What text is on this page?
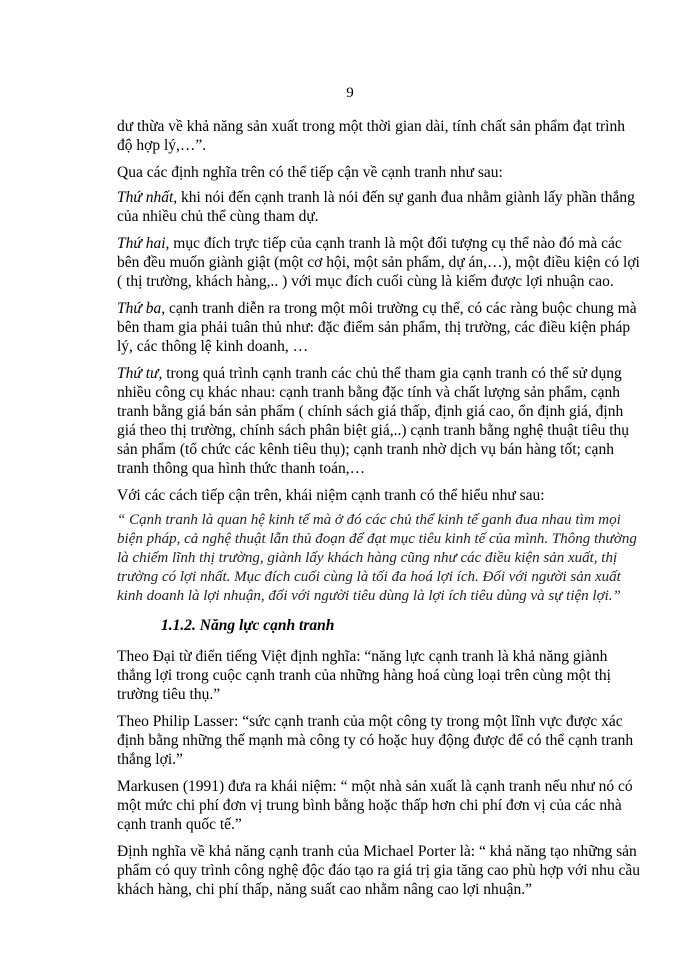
9

dư thừa về khả năng sản xuất trong một thời gian dài, tính chất sản phẩm đạt trình độ hợp lý,…”.

Qua các định nghĩa trên có thể tiếp cận về cạnh tranh như sau:

Thứ nhất, khi nói đến cạnh tranh là nói đến sự ganh đua nhằm giành lấy phần thắng của nhiều chủ thể cùng tham dự.

Thứ hai, mục đích trực tiếp của cạnh tranh là một đối tượng cụ thể nào đó mà các bên đều muốn giành giật (một cơ hội, một sản phẩm, dự án,…), một điều kiện có lợi ( thị trường, khách hàng,.. ) với mục đích cuối cùng là kiếm được lợi nhuận cao.

Thứ ba, cạnh tranh diễn ra trong một môi trường cụ thể, có các ràng buộc chung mà bên tham gia phải tuân thủ như: đặc điểm sản phẩm, thị trường, các điều kiện pháp lý, các thông lệ kinh doanh, …

Thứ tư, trong quá trình cạnh tranh các chủ thể tham gia cạnh tranh có thể sử dụng nhiều công cụ khác nhau: cạnh tranh bằng đặc tính và chất lượng sản phẩm, cạnh tranh bằng giá bán sản phẩm ( chính sách giá thấp, định giá cao, ổn định giá, định giá theo thị trường, chính sách phân biệt giá,..) cạnh tranh bằng nghệ thuật tiêu thụ sản phẩm (tổ chức các kênh tiêu thụ); cạnh tranh nhờ dịch vụ bán hàng tốt; cạnh tranh thông qua hình thức thanh toán,…

Với các cách tiếp cận trên, khái niệm cạnh tranh có thể hiểu như sau:

“ Cạnh tranh là quan hệ kinh tế mà ở đó các chủ thể kinh tế ganh đua nhau tìm mọi biện pháp, cả nghệ thuật lẫn thủ đoạn để đạt mục tiêu kinh tế của mình. Thông thường là chiếm lĩnh thị trường, giành lấy khách hàng cũng như các điều kiện sản xuất, thị trường có lợi nhất. Mục đích cuối cùng là tối đa hoá lợi ích. Đối với người sản xuất kinh doanh là lợi nhuận, đối với người tiêu dùng là lợi ích tiêu dùng và sự tiện lợi.”

1.1.2. Năng lực cạnh tranh

Theo Đại từ điển tiếng Việt định nghĩa: “năng lực cạnh tranh là khả năng giành thắng lợi trong cuộc cạnh tranh của những hàng hoá cùng loại trên cùng một thị trường tiêu thụ.”

Theo Philip Lasser: “sức cạnh tranh của một công ty trong một lĩnh vực được xác định bằng những thế mạnh mà công ty có hoặc huy động được để có thể cạnh tranh thắng lợi.”

Markusen (1991) đưa ra khái niệm: “ một nhà sản xuất là cạnh tranh nếu như nó có một mức chi phí đơn vị trung bình bằng hoặc thấp hơn chi phí đơn vị của các nhà cạnh tranh quốc tế.”

Định nghĩa về khả năng cạnh tranh của Michael Porter là: “ khả năng tạo những sản phẩm có quy trình công nghệ độc đáo tạo ra giá trị gia tăng cao phù hợp với nhu cầu khách hàng, chi phí thấp, năng suất cao nhằm nâng cao lợi nhuận.”
